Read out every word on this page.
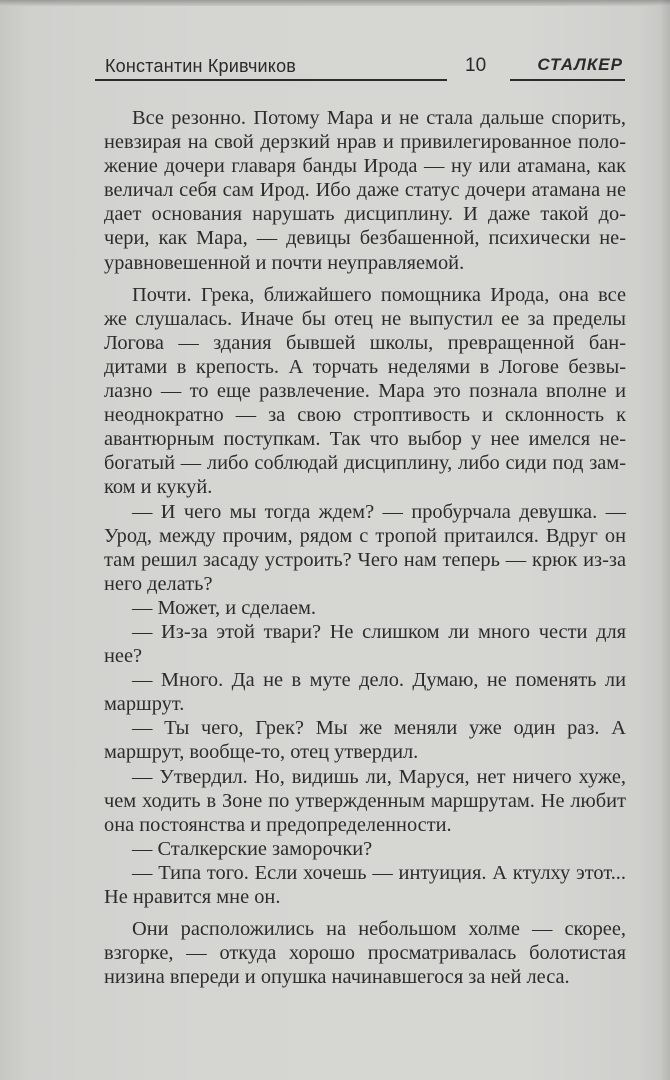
Константин Кривчиков	10	СТАЛКЕР

Все резонно. Потому Мара и не стала дальше спорить, невзирая на свой дерзкий нрав и привилегированное положение дочери главаря банды Ирода — ну или атамана, как величал себя сам Ирод. Ибо даже статус дочери атамана не дает основания нарушать дисциплину. И даже такой дочери, как Мара, — девицы безбашенной, психически неуравновешенной и почти неуправляемой.

Почти. Грека, ближайшего помощника Ирода, она все же слушалась. Иначе бы отец не выпустил ее за пределы Логова — здания бывшей школы, превращенной бандитами в крепость. А торчать неделями в Логове безвылазно — то еще развлечение. Мара это познала вполне и неоднократно — за свою строптивость и склонность к авантюрным поступкам. Так что выбор у нее имелся небогатый — либо соблюдай дисциплину, либо сиди под замком и кукуй.

— И чего мы тогда ждем? — пробурчала девушка. — Урод, между прочим, рядом с тропой притаился. Вдруг он там решил засаду устроить? Чего нам теперь — крюк из-за него делать?

— Может, и сделаем.

— Из-за этой твари? Не слишком ли много чести для нее?

— Много. Да не в муте дело. Думаю, не поменять ли маршрут.

— Ты чего, Грек? Мы же меняли уже один раз. А маршрут, вообще-то, отец утвердил.

— Утвердил. Но, видишь ли, Маруся, нет ничего хуже, чем ходить в Зоне по утвержденным маршрутам. Не любит она постоянства и предопределенности.

— Сталкерские заморочки?

— Типа того. Если хочешь — интуиция. А ктулху этот... Не нравится мне он.

Они расположились на небольшом холме — скорее, взгорке, — откуда хорошо просматривалась болотистая низина впереди и опушка начинавшегося за ней леса.
